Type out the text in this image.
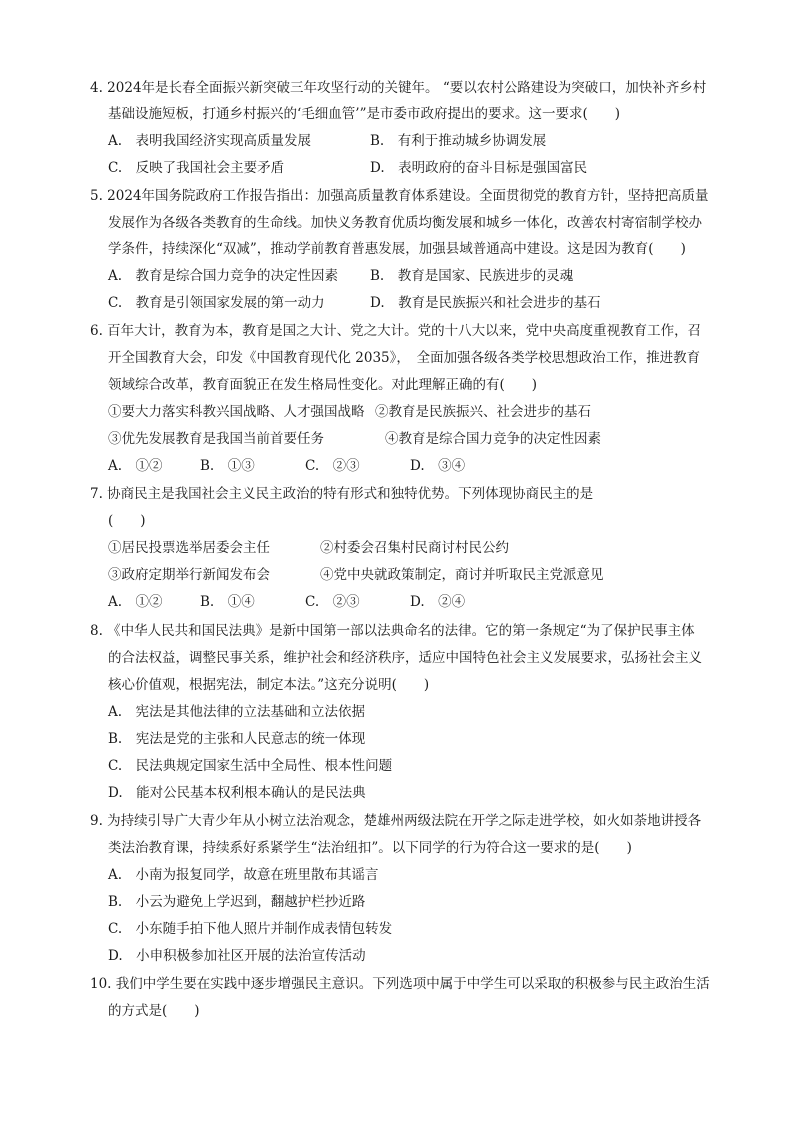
4. 2024年是长春全面振兴新突破三年攻坚行动的关键年。 “要以农村公路建设为突破口，加快补齐乡村
基础设施短板，打通乡村振兴的‘毛细血管’”是市委市政府提出的要求。这一要求(　　)
A.　表明我国经济实现高质量发展	B.　有利于推动城乡协调发展
C.　反映了我国社会主要矛盾	D.　表明政府的奋斗目标是强国富民
5. 2024年国务院政府工作报告指出：加强高质量教育体系建设。全面贯彻党的教育方针，坚持把高质量
发展作为各级各类教育的生命线。加快义务教育优质均衡发展和城乡一体化，改善农村寄宿制学校办
学条件，持续深化“双减”，推动学前教育普惠发展，加强县域普通高中建设。这是因为教育(　　)
A.　教育是综合国力竞争的决定性因素 B.　教育是国家、民族进步的灵魂
C.　教育是引领国家发展的第一动力	D.　教育是民族振兴和社会进步的基石
6. 百年大计，教育为本，教育是国之大计、党之大计。党的十八大以来，党中央高度重视教育工作，召
开全国教育大会，印发《中国教育现代化 2035》，　全面加强各级各类学校思想政治工作，推进教育
领域综合改革，教育面貌正在发生格局性变化。对此理解正确的有(　　)
①要大力落实科教兴国战略、人才强国战略 ②教育是民族振兴、社会进步的基石
③优先发展教育是我国当前首要任务	④教育是综合国力竞争的决定性因素
A.　①②	B.　①③	C.　②③	D.　③④
7. 协商民主是我国社会主义民主政治的特有形式和独特优势。下列体现协商民主的是
(　　)
①居民投票选举居委会主任	②村委会召集村民商讨村民公约
③政府定期举行新闻发布会	④党中央就政策制定，商讨并听取民主党派意见
A.　①②	B.　①④	C.　②③	D.　②④
8. 《中华人民共和国民法典》是新中国第一部以法典命名的法律。它的第一条规定“为了保护民事主体
的合法权益，调整民事关系，维护社会和经济秩序，适应中国特色社会主义发展要求，弘扬社会主义
核心价值观，根据宪法，制定本法。”这充分说明(　　)
A.　宪法是其他法律的立法基础和立法依据
B.　宪法是党的主张和人民意志的统一体现
C.　民法典规定国家生活中全局性、根本性问题
D.　能对公民基本权利根本确认的是民法典
9. 为持续引导广大青少年从小树立法治观念，楚雄州两级法院在开学之际走进学校，如火如荼地讲授各
类法治教育课，持续系好系紧学生“法治纽扣”。以下同学的行为符合这一要求的是(　　)
A.　小南为报复同学，故意在班里散布其谣言
B.　小云为避免上学迟到，翻越护栏抄近路
C.　小东随手拍下他人照片并制作成表情包转发
D.　小申积极参加社区开展的法治宣传活动
10. 我们中学生要在实践中逐步增强民主意识。下列选项中属于中学生可以采取的积极参与民主政治生活
的方式是(　　)
